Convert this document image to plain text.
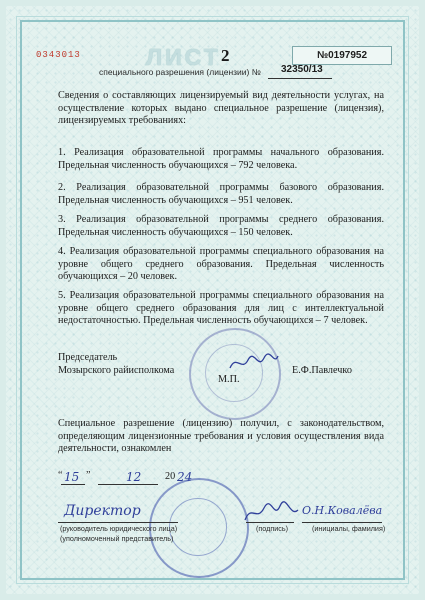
0343013	ЛИСТ 2	№0197952
специального разрешения (лицензии) № 32350/13
Сведения о составляющих лицензируемый вид деятельности услугах, на осуществление которых выдано специальное разрешение (лицензия), лицензируемых требованиях:
1. Реализация образовательной программы начального образования. Предельная численность обучающихся – 792 человека.
2. Реализация образовательной программы базового образования. Предельная численность обучающихся – 951 человек.
3. Реализация образовательной программы среднего образования. Предельная численность обучающихся – 150 человек.
4. Реализация образовательной программы специального образования на уровне общего среднего образования. Предельная численность обучающихся – 20 человек.
5. Реализация образовательной программы специального образования на уровне общего среднего образования для лиц с интеллектуальной недостаточностью. Предельная численность обучающихся – 7 человек.
Председатель
Мозырского райисполкома
М.П.
Е.Ф.Павлечко
Специальное разрешение (лицензию) получил, с законодательством, определяющим лицензионные требования и условия осуществления вида деятельности, ознакомлен
“ 15 ”	12 20 24
Директор	О.Н.Ковалёва
(руководитель юридического лица)
(уполномоченный представитель)
(подпись)	(инициалы, фамилия)
